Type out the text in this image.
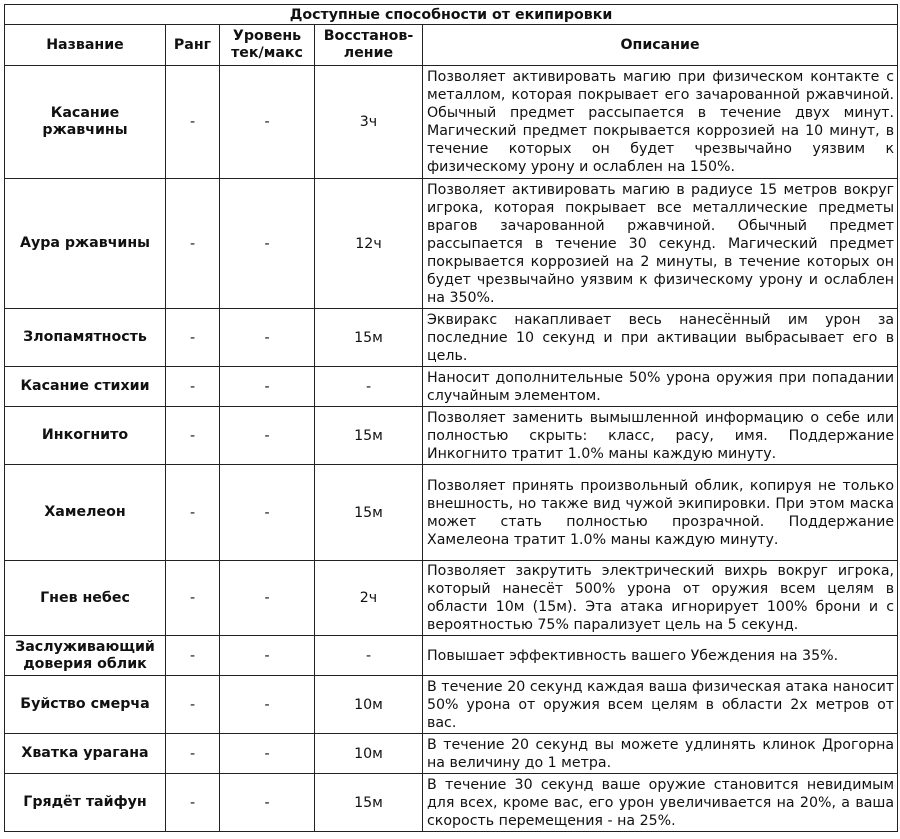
Доступные способности от екипировки				
Название	Ранг	Уровень тек/макс	Восстанов-ление	Описание
Касание ржавчины	-	-	3ч	Позволяет активировать магию при физическом контакте с металлом, которая покрывает его зачарованной ржавчиной. Обычный предмет рассыпается в течение двух минут. Магический предмет покрывается коррозией на 10 минут, в течение которых он будет чрезвычайно уязвим к физическому урону и ослаблен на 150%.
Аура ржавчины	-	-	12ч	Позволяет активировать магию в радиусе 15 метров вокруг игрока, которая покрывает все металлические предметы врагов зачарованной ржавчиной. Обычный предмет рассыпается в течение 30 секунд. Магический предмет покрывается коррозией на 2 минуты, в течение которых он будет чрезвычайно уязвим к физическому урону и ослаблен на 350%.
Злопамятность	-	-	15м	Эквиракс накапливает весь нанесённый им урон за последние 10 секунд и при активации выбрасывает его в цель.
Касание стихии	-	-	-	Наносит дополнительные 50% урона оружия при попадании случайным элементом.
Инкогнито	-	-	15м	Позволяет заменить вымышленной информацию о себе или полностью скрыть: класс, расу, имя. Поддержание Инкогнито тратит 1.0% маны каждую минуту.
Хамелеон	-	-	15м	Позволяет принять произвольный облик, копируя не только внешность, но также вид чужой экипировки. При этом маска может стать полностью прозрачной. Поддержание Хамелеона тратит 1.0% маны каждую минуту.
Гнев небес	-	-	2ч	Позволяет закрутить электрический вихрь вокруг игрока, который нанесёт 500% урона от оружия всем целям в области 10м (15м). Эта атака игнорирует 100% брони и с вероятностью 75% парализует цель на 5 секунд.
Заслуживающий доверия облик	-	-	-	Повышает эффективность вашего Убеждения на 35%.
Буйство смерча	-	-	10м	В течение 20 секунд каждая ваша физическая атака наносит 50% урона от оружия всем целям в области 2х метров от вас.
Хватка урагана	-	-	10м	В течение 20 секунд вы можете удлинять клинок Дрогорна на величину до 1 метра.
Грядёт тайфун	-	-	15м	В течение 30 секунд ваше оружие становится невидимым для всех, кроме вас, его урон увеличивается на 20%, а ваша скорость перемещения - на 25%.
